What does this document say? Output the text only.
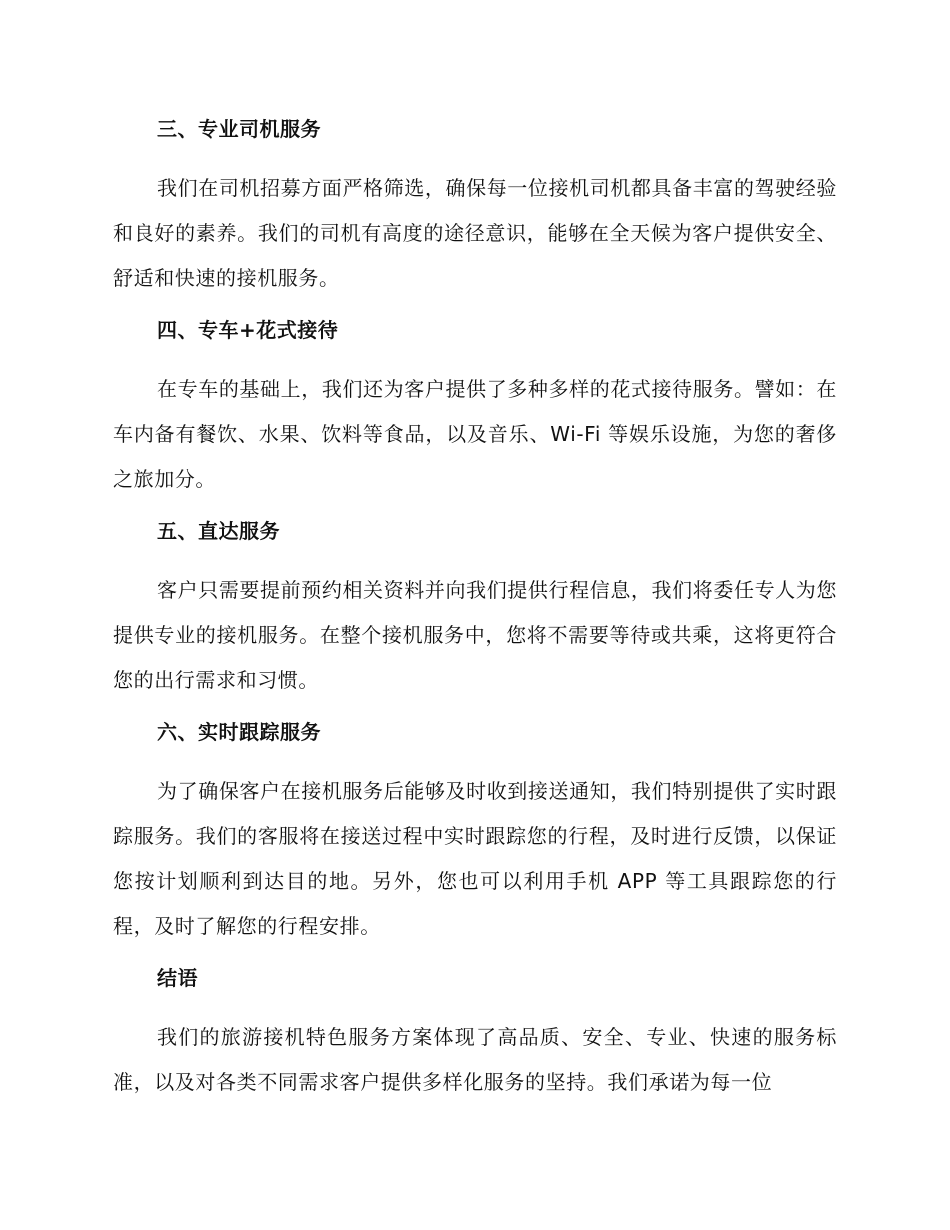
三、专业司机服务

我们在司机招募方面严格筛选，确保每一位接机司机都具备丰富的驾驶经验和良好的素养。我们的司机有高度的途径意识，能够在全天候为客户提供安全、舒适和快速的接机服务。

四、专车+花式接待

在专车的基础上，我们还为客户提供了多种多样的花式接待服务。譬如：在车内备有餐饮、水果、饮料等食品，以及音乐、Wi-Fi 等娱乐设施，为您的奢侈之旅加分。

五、直达服务

客户只需要提前预约相关资料并向我们提供行程信息，我们将委任专人为您提供专业的接机服务。在整个接机服务中，您将不需要等待或共乘，这将更符合您的出行需求和习惯。

六、实时跟踪服务

为了确保客户在接机服务后能够及时收到接送通知，我们特别提供了实时跟踪服务。我们的客服将在接送过程中实时跟踪您的行程，及时进行反馈，以保证您按计划顺利到达目的地。另外，您也可以利用手机 APP 等工具跟踪您的行程，及时了解您的行程安排。

结语

我们的旅游接机特色服务方案体现了高品质、安全、专业、快速的服务标准，以及对各类不同需求客户提供多样化服务的坚持。我们承诺为每一位
